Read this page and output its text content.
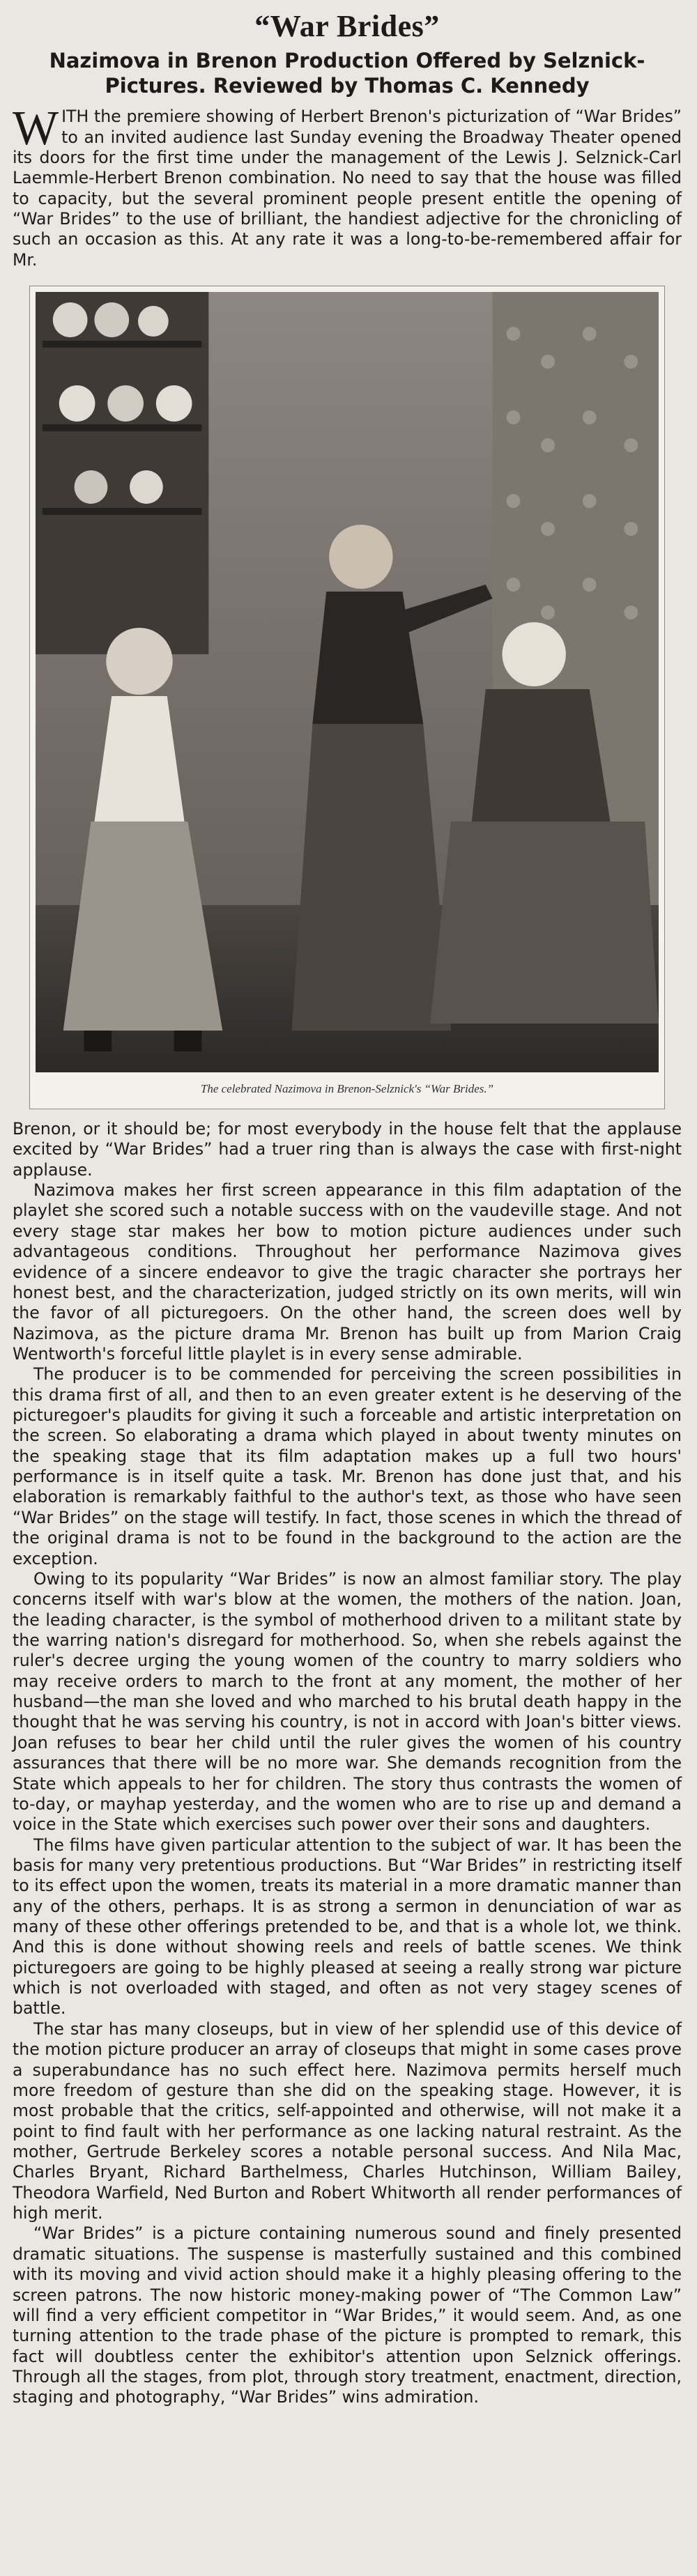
“War Brides”
Nazimova in Brenon Production Offered by Selznick-Pictures. Reviewed by Thomas C. Kennedy
WITH the premiere showing of Herbert Brenon's picturization of “War Brides” to an invited audience last Sunday evening the Broadway Theater opened its doors for the first time under the management of the Lewis J. Selznick-Carl Laemmle-Herbert Brenon combination. No need to say that the house was filled to capacity, but the several prominent people present entitle the opening of “War Brides” to the use of brilliant, the handiest adjective for the chronicling of such an occasion as this. At any rate it was a long-to-be-remembered affair for Mr.
The celebrated Nazimova in Brenon-Selznick's “War Brides.”

Brenon, or it should be; for most everybody in the house felt that the applause excited by “War Brides” had a truer ring than is always the case with first-night applause.

Nazimova makes her first screen appearance in this film adaptation of the playlet she scored such a notable success with on the vaudeville stage. And not every stage star makes her bow to motion picture audiences under such advantageous conditions. Throughout her performance Nazimova gives evidence of a sincere endeavor to give the tragic character she portrays her honest best, and the characterization, judged strictly on its own merits, will win the favor of all picturegoers. On the other hand, the screen does well by Nazimova, as the picture drama Mr. Brenon has built up from Marion Craig Wentworth's forceful little playlet is in every sense admirable.

The producer is to be commended for perceiving the screen possibilities in this drama first of all, and then to an even greater extent is he deserving of the picturegoer's plaudits for giving it such a forceable and artistic interpretation on the screen. So elaborating a drama which played in about twenty minutes on the speaking stage that its film adaptation makes up a full two hours' performance is in itself quite a task. Mr. Brenon has done just that, and his elaboration is remarkably faithful to the author's text, as those who have seen “War Brides” on the stage will testify. In fact, those scenes in which the thread of the original drama is not to be found in the background to the action are the exception.

Owing to its popularity “War Brides” is now an almost familiar story. The play concerns itself with war's blow at the women, the mothers of the nation. Joan, the leading character, is the symbol of motherhood driven to a militant state by the warring nation's disregard for motherhood. So, when she rebels against the ruler's decree urging the young women of the country to marry soldiers who may receive orders to march to the front at any moment, the mother of her husband—the man she loved and who marched to his brutal death happy in the thought that he was serving his country, is not in accord with Joan's bitter views. Joan refuses to bear her child until the ruler gives the women of his country assurances that there will be no more war. She demands recognition from the State which appeals to her for children. The story thus contrasts the women of to-day, or mayhap yesterday, and the women who are to rise up and demand a voice in the State which exercises such power over their sons and daughters.

The films have given particular attention to the subject of war. It has been the basis for many very pretentious productions. But “War Brides” in restricting itself to its effect upon the women, treats its material in a more dramatic manner than any of the others, perhaps. It is as strong a sermon in denunciation of war as many of these other offerings pretended to be, and that is a whole lot, we think. And this is done without showing reels and reels of battle scenes. We think picturegoers are going to be highly pleased at seeing a really strong war picture which is not overloaded with staged, and often as not very stagey scenes of battle.

The star has many closeups, but in view of her splendid use of this device of the motion picture producer an array of closeups that might in some cases prove a superabundance has no such effect here. Nazimova permits herself much more freedom of gesture than she did on the speaking stage. However, it is most probable that the critics, self-appointed and otherwise, will not make it a point to find fault with her performance as one lacking natural restraint. As the mother, Gertrude Berkeley scores a notable personal success. And Nila Mac, Charles Bryant, Richard Barthelmess, Charles Hutchinson, William Bailey, Theodora Warfield, Ned Burton and Robert Whitworth all render performances of high merit.

“War Brides” is a picture containing numerous sound and finely presented dramatic situations. The suspense is masterfully sustained and this combined with its moving and vivid action should make it a highly pleasing offering to the screen patrons. The now historic money-making power of “The Common Law” will find a very efficient competitor in “War Brides,” it would seem. And, as one turning attention to the trade phase of the picture is prompted to remark, this fact will doubtless center the exhibitor's attention upon Selznick offerings. Through all the stages, from plot, through story treatment, enactment, direction, staging and photography, “War Brides” wins admiration.
